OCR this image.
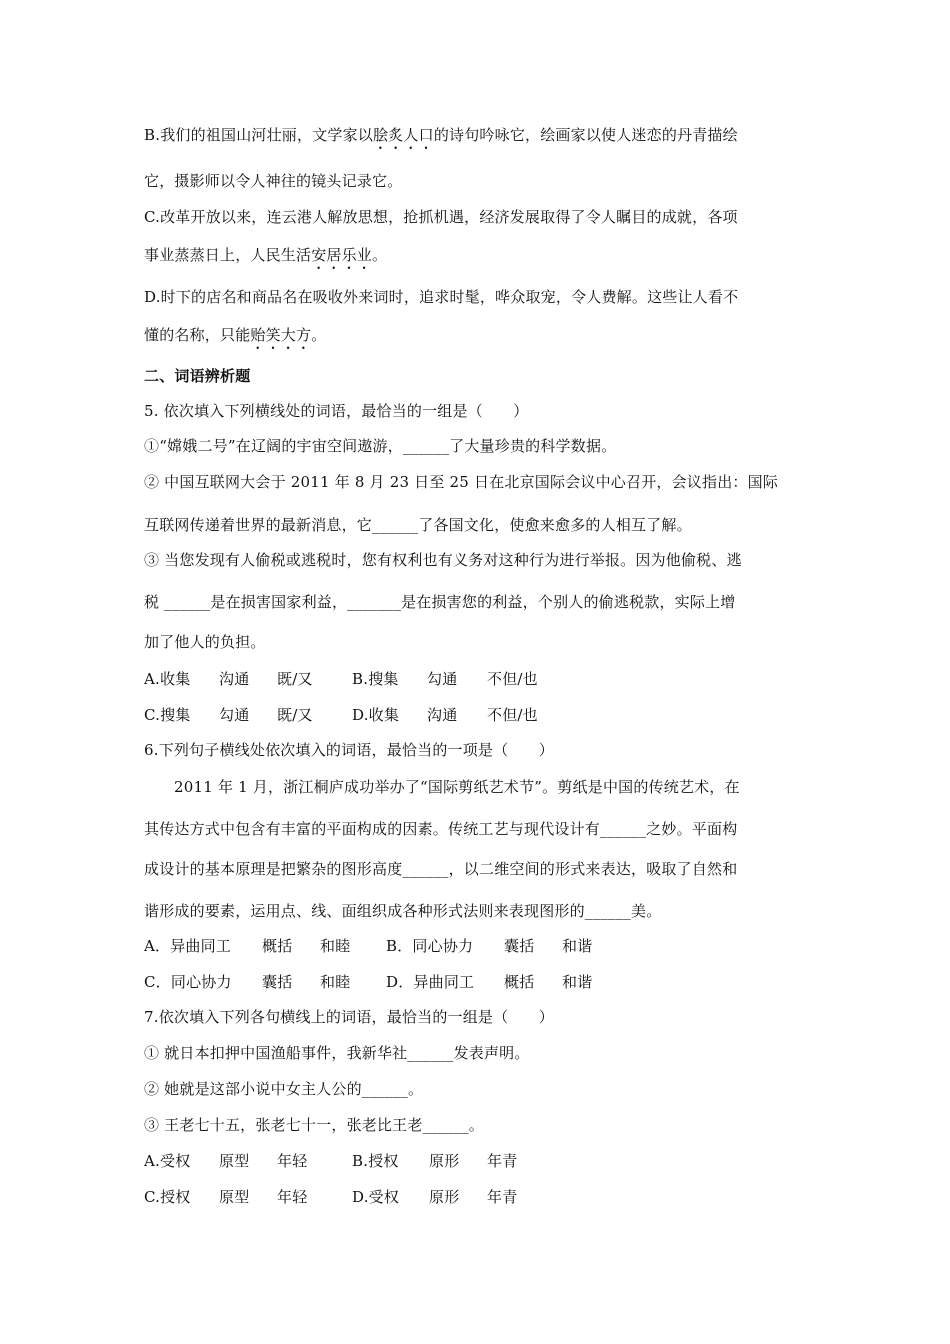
B.我们的祖国山河壮丽，文学家以脍炙人口的诗句吟咏它，绘画家以使人迷恋的丹青描绘
它，摄影师以令人神往的镜头记录它。
C.改革开放以来，连云港人解放思想，抢抓机遇，经济发展取得了令人瞩目的成就，各项
事业蒸蒸日上，人民生活安居乐业。
D.时下的店名和商品名在吸收外来词时，追求时髦，哗众取宠，令人费解。这些让人看不
懂的名称，只能贻笑大方。
二、词语辨析题
5. 依次填入下列横线处的词语，最恰当的一组是（　　）
①“嫦娥二号”在辽阔的宇宙空间遨游，______了大量珍贵的科学数据。
② 中国互联网大会于 2011 年 8 月 23 日至 25 日在北京国际会议中心召开，会议指出：国际
互联网传递着世界的最新消息，它______了各国文化，使愈来愈多的人相互了解。
③ 当您发现有人偷税或逃税时，您有权利也有义务对这种行为进行举报。因为他偷税、逃
税 ______是在损害国家利益，_______是在损害您的利益，个别人的偷逃税款，实际上增
加了他人的负担。
A.收集 沟通 既/又	B.搜集 勾通 不但/也
C.搜集 勾通 既/又	D.收集 沟通 不但/也
6.下列句子横线处依次填入的词语，最恰当的一项是（　　）
2011 年 1 月，浙江桐庐成功举办了“国际剪纸艺术节”。剪纸是中国的传统艺术，在
其传达方式中包含有丰富的平面构成的因素。传统工艺与现代设计有______之妙。平面构
成设计的基本原理是把繁杂的图形高度______，以二维空间的形式来表达，吸取了自然和
谐形成的要素，运用点、线、面组织成各种形式法则来表现图形的______美。
A．异曲同工 概括 和睦 B．同心协力 囊括 和谐
C．同心协力 囊括 和睦 D．异曲同工 概括 和谐
7.依次填入下列各句横线上的词语，最恰当的一组是（　　）
① 就日本扣押中国渔船事件，我新华社______发表声明。
② 她就是这部小说中女主人公的______。
③ 王老七十五，张老七十一，张老比王老______。
A.受权 原型 年轻	B.授权 原形 年青
C.授权 原型 年轻	D.受权 原形 年青
